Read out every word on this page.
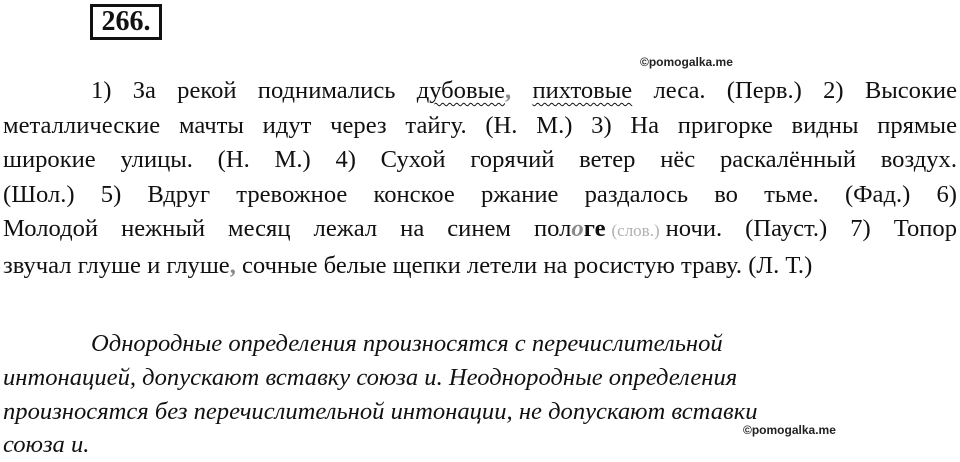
266.
©pomogalka.me
1) За рекой поднимались дубовые, пихтовые леса. (Перв.) 2) Высокие
металлические мачты идут через тайгу. (Н. М.) 3) На пригорке видны прямые
широкие улицы. (Н. М.) 4) Сухой горячий ветер нёс раскалённый воздух.
(Шол.) 5) Вдруг тревожное конское ржание раздалось во тьме. (Фад.) 6)
Молодой нежный месяц лежал на синем пологе (слов.) ночи. (Пауст.) 7) Топор
звучал глуше и глуше, сочные белые щепки летели на росистую траву. (Л. Т.)
Однородные определения произносятся с перечислительной
интонацией, допускают вставку союза и. Неоднородные определения
произносятся без перечислительной интонации, не допускают вставки
союза и.
©pomogalka.me
